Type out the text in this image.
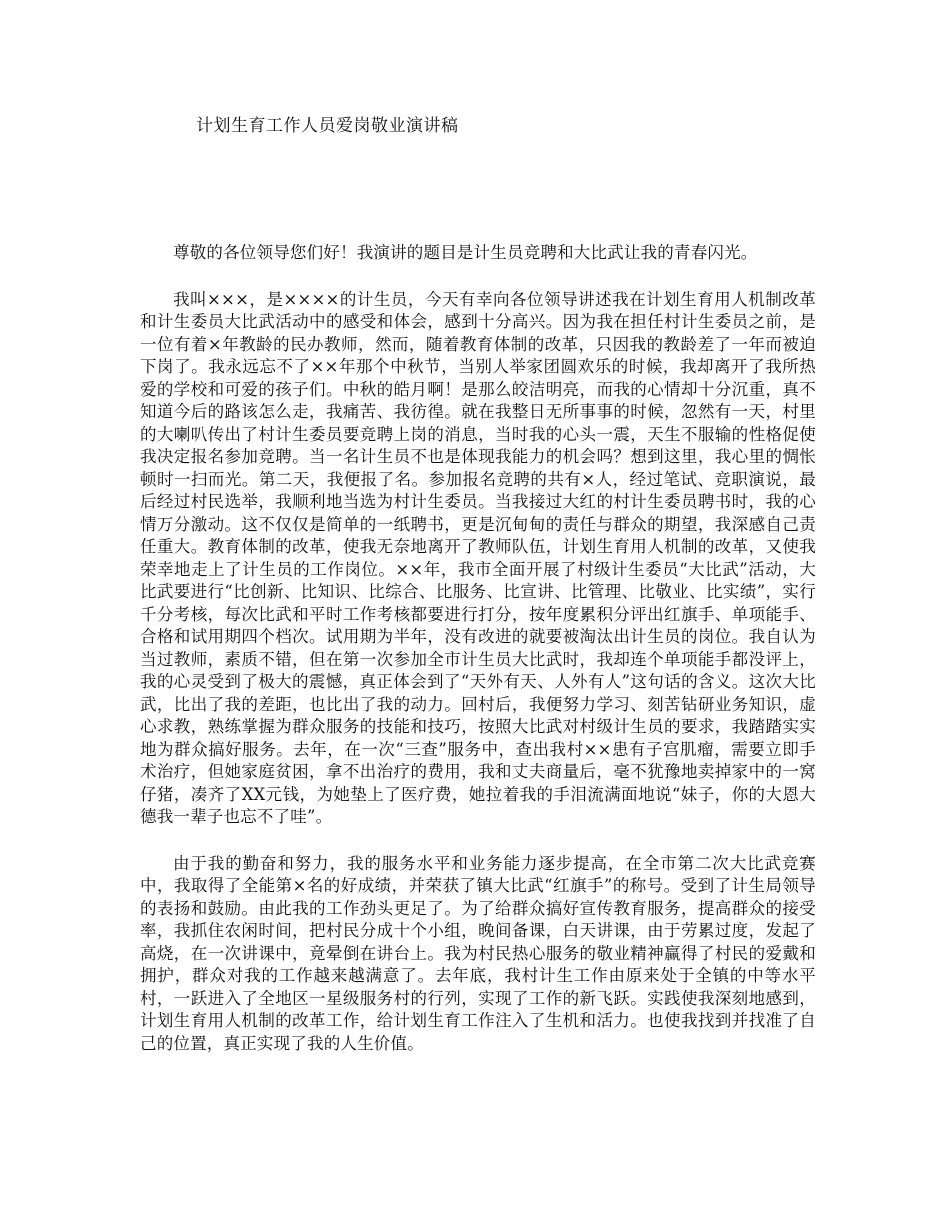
计划生育工作人员爱岗敬业演讲稿

尊敬的各位领导您们好！我演讲的题目是计生员竞聘和大比武让我的青春闪光。

我叫×××，是××××的计生员，今天有幸向各位领导讲述我在计划生育用人机制改革和计生委员大比武活动中的感受和体会，感到十分高兴。因为我在担任村计生委员之前，是一位有着×年教龄的民办教师，然而，随着教育体制的改革，只因我的教龄差了一年而被迫下岗了。我永远忘不了××年那个中秋节，当别人举家团圆欢乐的时候，我却离开了我所热爱的学校和可爱的孩子们。中秋的皓月啊！是那么皎洁明亮，而我的心情却十分沉重，真不知道今后的路该怎么走，我痛苦、我彷徨。就在我整日无所事事的时候，忽然有一天，村里的大喇叭传出了村计生委员要竞聘上岗的消息，当时我的心头一震，天生不服输的性格促使我决定报名参加竞聘。当一名计生员不也是体现我能力的机会吗？想到这里，我心里的惆怅顿时一扫而光。第二天，我便报了名。参加报名竞聘的共有×人，经过笔试、竞职演说，最后经过村民选举，我顺利地当选为村计生委员。当我接过大红的村计生委员聘书时，我的心情万分激动。这不仅仅是简单的一纸聘书，更是沉甸甸的责任与群众的期望，我深感自己责任重大。教育体制的改革，使我无奈地离开了教师队伍，计划生育用人机制的改革，又使我荣幸地走上了计生员的工作岗位。××年，我市全面开展了村级计生委员“大比武”活动，大比武要进行“比创新、比知识、比综合、比服务、比宣讲、比管理、比敬业、比实绩”，实行千分考核，每次比武和平时工作考核都要进行打分，按年度累积分评出红旗手、单项能手、合格和试用期四个档次。试用期为半年，没有改进的就要被淘汰出计生员的岗位。我自认为当过教师，素质不错，但在第一次参加全市计生员大比武时，我却连个单项能手都没评上，我的心灵受到了极大的震憾，真正体会到了“天外有天、人外有人”这句话的含义。这次大比武，比出了我的差距，也比出了我的动力。回村后，我便努力学习、刻苦钻研业务知识，虚心求教，熟练掌握为群众服务的技能和技巧，按照大比武对村级计生员的要求，我踏踏实实地为群众搞好服务。去年，在一次“三查”服务中，查出我村××患有子宫肌瘤，需要立即手术治疗，但她家庭贫困，拿不出治疗的费用，我和丈夫商量后，毫不犹豫地卖掉家中的一窝仔猪，凑齐了XX元钱，为她垫上了医疗费，她拉着我的手泪流满面地说“妹子，你的大恩大德我一辈子也忘不了哇”。

由于我的勤奋和努力，我的服务水平和业务能力逐步提高，在全市第二次大比武竞赛中，我取得了全能第×名的好成绩，并荣获了镇大比武“红旗手”的称号。受到了计生局领导的表扬和鼓励。由此我的工作劲头更足了。为了给群众搞好宣传教育服务，提高群众的接受率，我抓住农闲时间，把村民分成十个小组，晚间备课，白天讲课，由于劳累过度，发起了高烧，在一次讲课中，竟晕倒在讲台上。我为村民热心服务的敬业精神赢得了村民的爱戴和拥护，群众对我的工作越来越满意了。去年底，我村计生工作由原来处于全镇的中等水平村，一跃进入了全地区一星级服务村的行列，实现了工作的新飞跃。实践使我深刻地感到，计划生育用人机制的改革工作，给计划生育工作注入了生机和活力。也使我找到并找准了自己的位置，真正实现了我的人生价值。
